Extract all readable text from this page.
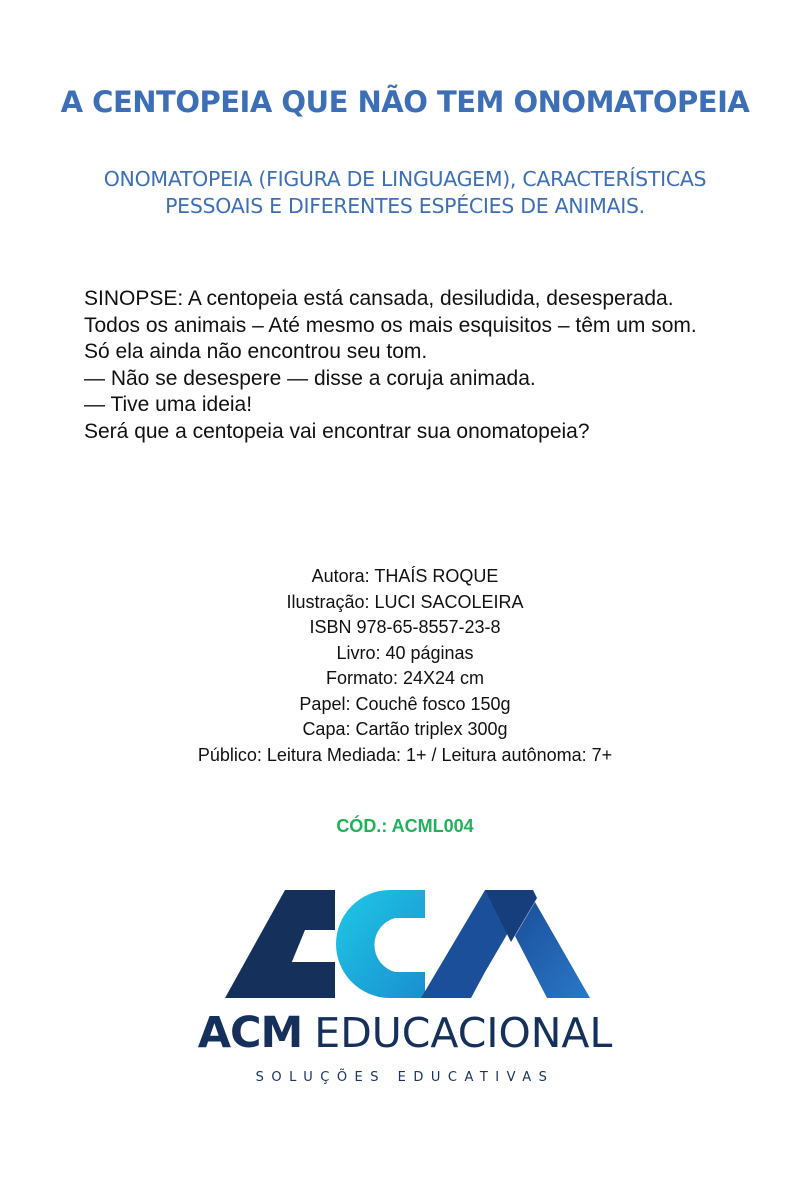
A CENTOPEIA QUE NÃO TEM ONOMATOPEIA
ONOMATOPEIA (FIGURA DE LINGUAGEM), CARACTERÍSTICAS PESSOAIS E DIFERENTES ESPÉCIES DE ANIMAIS.

SINOPSE: A centopeia está cansada, desiludida, desesperada.

Todos os animais – Até mesmo os mais esquisitos – têm um som.

Só ela ainda não encontrou seu tom.

— Não se desespere — disse a coruja animada.

— Tive uma ideia!

Será que a centopeia vai encontrar sua onomatopeia?

Autora: THAÍS ROQUE
Ilustração: LUCI SACOLEIRA
ISBN 978-65-8557-23-8
Livro: 40 páginas
Formato: 24X24 cm
Papel: Couchê fosco 150g
Capa: Cartão triplex 300g
Público: Leitura Mediada: 1+ / Leitura autônoma: 7+
CÓD.: ACML004
ACM EDUCACIONAL
SOLUÇÕES EDUCATIVAS
